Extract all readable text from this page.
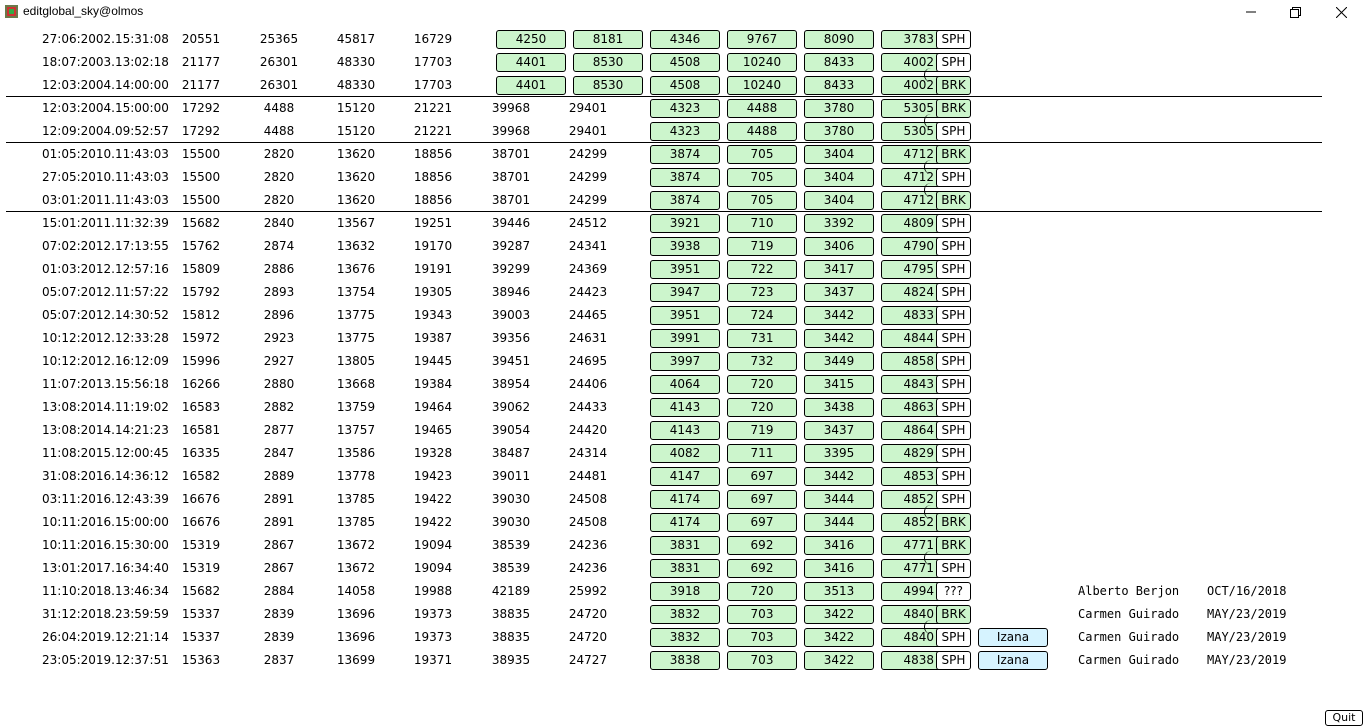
editglobal_sky@olmos
27:06:2002.15:31:08	20551	25365	45817	16729	4250	8181	4346	9767	8090	3783 SPH
18:07:2003.13:02:18	21177	26301	48330	17703	4401	8530	4508	10240	8433	4002 SPH
12:03:2004.14:00:00	21177	26301	48330	17703	4401	8530	4508	10240	8433	4002 BRK
12:03:2004.15:00:00	17292	4488	15120	21221	39968	29401	4323	4488	3780	5305 BRK
12:09:2004.09:52:57	17292	4488	15120	21221	39968	29401	4323	4488	3780	5305 SPH
01:05:2010.11:43:03	15500	2820	13620	18856	38701	24299	3874	705	3404	4712 BRK
27:05:2010.11:43:03	15500	2820	13620	18856	38701	24299	3874	705	3404	4712 SPH
03:01:2011.11:43:03	15500	2820	13620	18856	38701	24299	3874	705	3404	4712 BRK
15:01:2011.11:32:39	15682	2840	13567	19251	39446	24512	3921	710	3392	4809 SPH
07:02:2012.17:13:55	15762	2874	13632	19170	39287	24341	3938	719	3406	4790 SPH
01:03:2012.12:57:16	15809	2886	13676	19191	39299	24369	3951	722	3417	4795 SPH
05:07:2012.11:57:22	15792	2893	13754	19305	38946	24423	3947	723	3437	4824 SPH
05:07:2012.14:30:52	15812	2896	13775	19343	39003	24465	3951	724	3442	4833 SPH
10:12:2012.12:33:28	15972	2923	13775	19387	39356	24631	3991	731	3442	4844 SPH
10:12:2012.16:12:09	15996	2927	13805	19445	39451	24695	3997	732	3449	4858 SPH
11:07:2013.15:56:18	16266	2880	13668	19384	38954	24406	4064	720	3415	4843 SPH
13:08:2014.11:19:02	16583	2882	13759	19464	39062	24433	4143	720	3438	4863 SPH
13:08:2014.14:21:23	16581	2877	13757	19465	39054	24420	4143	719	3437	4864 SPH
11:08:2015.12:00:45	16335	2847	13586	19328	38487	24314	4082	711	3395	4829 SPH
31:08:2016.14:36:12	16582	2889	13778	19423	39011	24481	4147	697	3442	4853 SPH
03:11:2016.12:43:39	16676	2891	13785	19422	39030	24508	4174	697	3444	4852 SPH
10:11:2016.15:00:00	16676	2891	13785	19422	39030	24508	4174	697	3444	4852 BRK
10:11:2016.15:30:00	15319	2867	13672	19094	38539	24236	3831	692	3416	4771 BRK
13:01:2017.16:34:40	15319	2867	13672	19094	38539	24236	3831	692	3416	4771 SPH
11:10:2018.13:46:34	15682	2884	14058	19988	42189	25992	3918	720	3513	4994 ???	Alberto Berjon OCT/16/2018
31:12:2018.23:59:59	15337	2839	13696	19373	38835	24720	3832	703	3422	4840 BRK	Carmen Guirado MAY/23/2019
26:04:2019.12:21:14	15337	2839	13696	19373	38835	24720	3832	703	3422	4840 SPH	Izana	Carmen Guirado MAY/23/2019
23:05:2019.12:37:51	15363	2837	13699	19371	38935	24727	3838	703	3422	4838 SPH	Izana	Carmen Guirado MAY/23/2019
Quit
